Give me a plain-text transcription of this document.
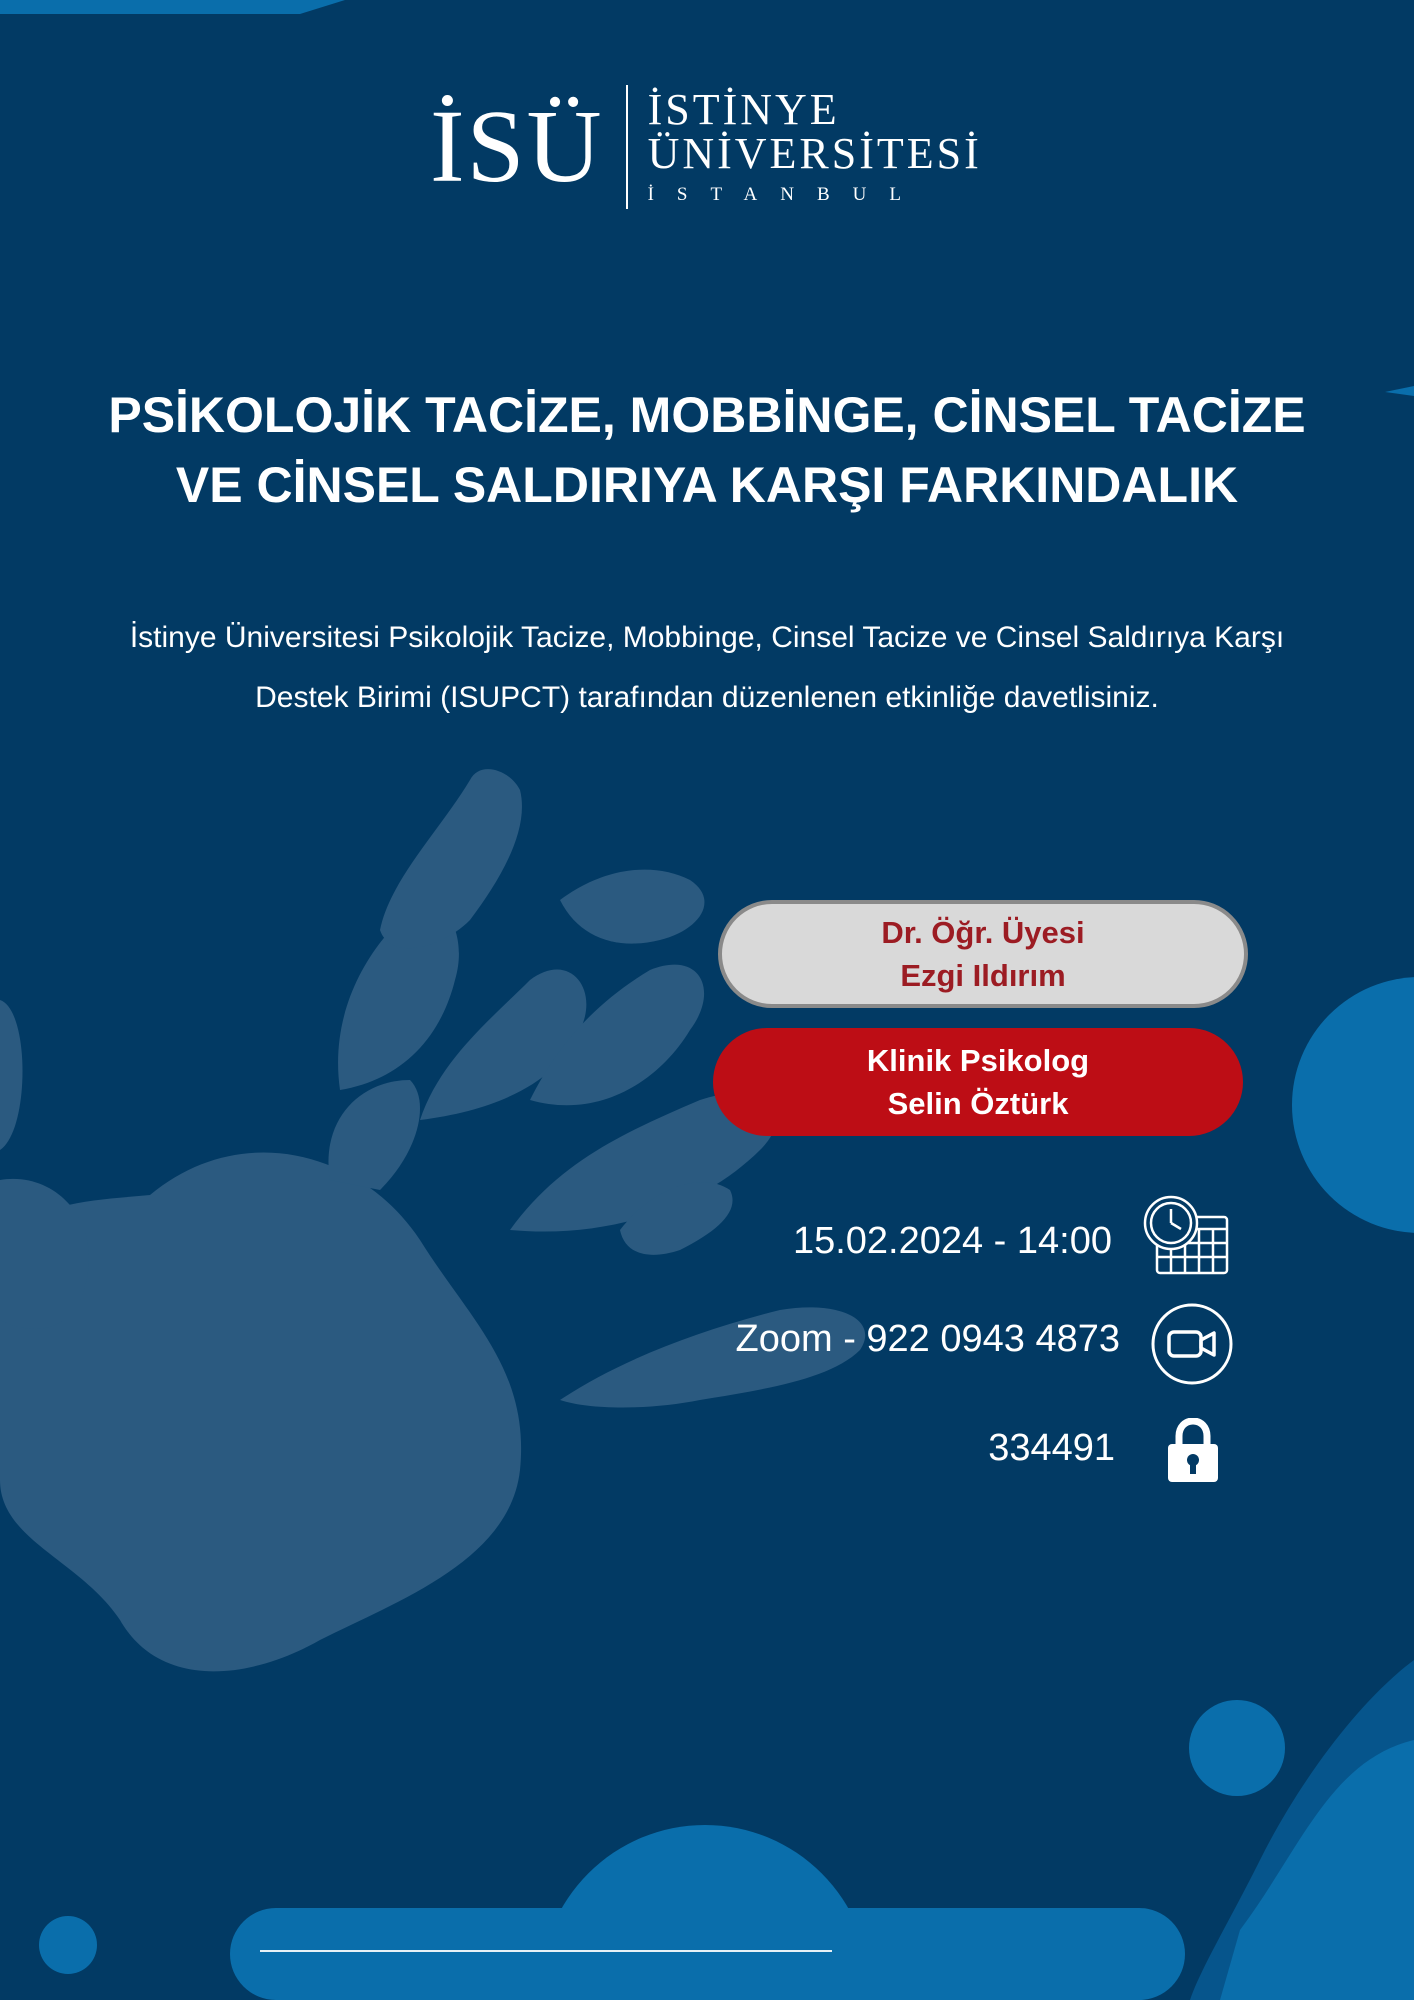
İSÜ İSTİNYE
ÜNİVERSİTESİ
İSTANBUL
PSİKOLOJİK TACİZE, MOBBİNGE, CİNSEL TACİZE
VE CİNSEL SALDIRIYA KARŞI FARKINDALIK
İstinye Üniversitesi Psikolojik Tacize, Mobbinge, Cinsel Tacize ve Cinsel Saldırıya Karşı
Destek Birimi (ISUPCT) tarafından düzenlenen etkinliğe davetlisiniz.
Dr. Öğr. Üyesi
Ezgi Ildırım
Klinik Psikolog
Selin Öztürk
15.02.2024 - 14:00
Zoom - 922 0943 4873
334491
